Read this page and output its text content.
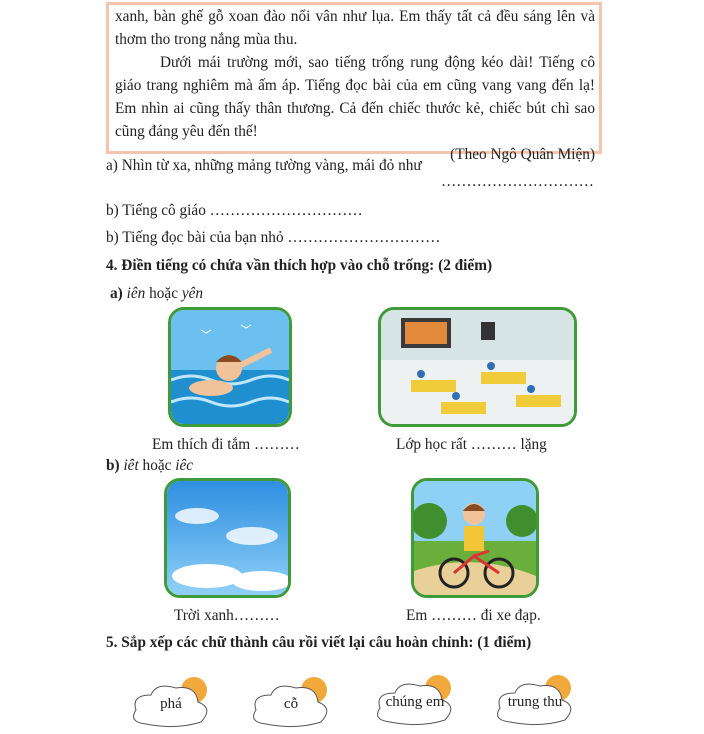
xanh, bàn ghế gỗ xoan đào nổi vân như lụa. Em thấy tất cả đều sáng lên và thơm tho trong nắng mùa thu.

Dưới mái trường mới, sao tiếng trống rung động kéo dài! Tiếng cô giáo trang nghiêm mà ấm áp. Tiếng đọc bài của em cũng vang vang đến lạ! Em nhìn ai cũng thấy thân thương. Cả đến chiếc thước kẻ, chiếc bút chì sao cũng đáng yêu đến thế!

(Theo Ngô Quân Miện)

a) Nhìn từ xa, những mảng tường vàng, mái đỏ như
…………………………
b) Tiếng cô giáo …………………………
b) Tiếng đọc bài của bạn nhỏ …………………………
4. Điền tiếng có chứa vần thích hợp vào chỗ trống: (2 điểm)
a) iên hoặc yên
Em thích đi tắm ………	Lớp học rất ……… lặng
b) iêt hoặc iêc
Trời xanh………	Em ……… đi xe đạp.
5. Sắp xếp các chữ thành câu rồi viết lại câu hoàn chỉnh: (1 điểm)
phá	cỗ	chúng em	trung thu
